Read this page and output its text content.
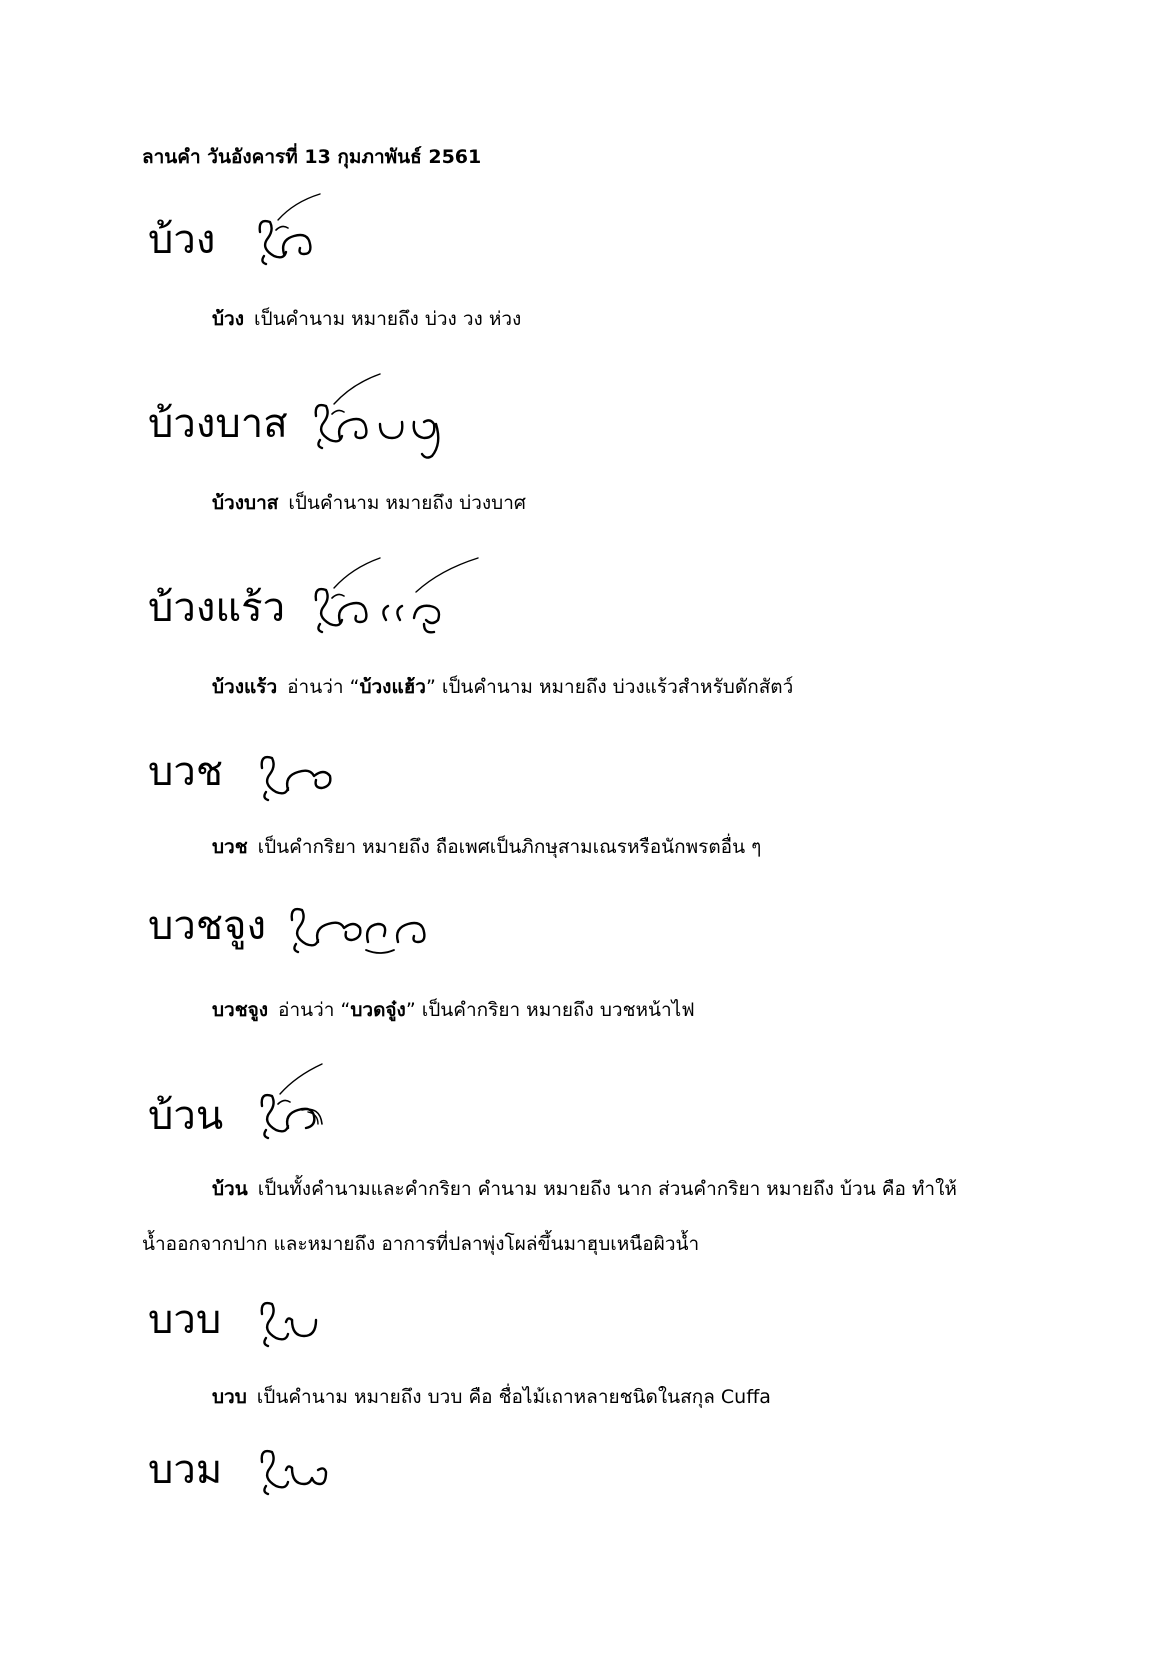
ลานคำ วันอังคารที่ 13 กุมภาพันธ์ 2561
บ้วง
บ้วง เป็นคำนาม หมายถึง บ่วง วง ห่วง
บ้วงบาส
บ้วงบาส เป็นคำนาม หมายถึง บ่วงบาศ
บ้วงแร้ว
บ้วงแร้ว อ่านว่า “บ้วงแฮ้ว” เป็นคำนาม หมายถึง บ่วงแร้วสำหรับดักสัตว์
บวช
บวช เป็นคำกริยา หมายถึง ถือเพศเป็นภิกษุสามเณรหรือนักพรตอื่น ๆ
บวชจูง
บวชจูง อ่านว่า “บวดจู๋ง” เป็นคำกริยา หมายถึง บวชหน้าไฟ
บ้วน
บ้วน เป็นทั้งคำนามและคำกริยา คำนาม หมายถึง นาก ส่วนคำกริยา หมายถึง บ้วน คือ ทำให้น้ำออกจากปาก และหมายถึง อาการที่ปลาพุ่งโผล่ขึ้นมาฮุบเหนือผิวน้ำ
บวบ
บวบ เป็นคำนาม หมายถึง บวบ คือ ชื่อไม้เถาหลายชนิดในสกุล Cuffa
บวม
